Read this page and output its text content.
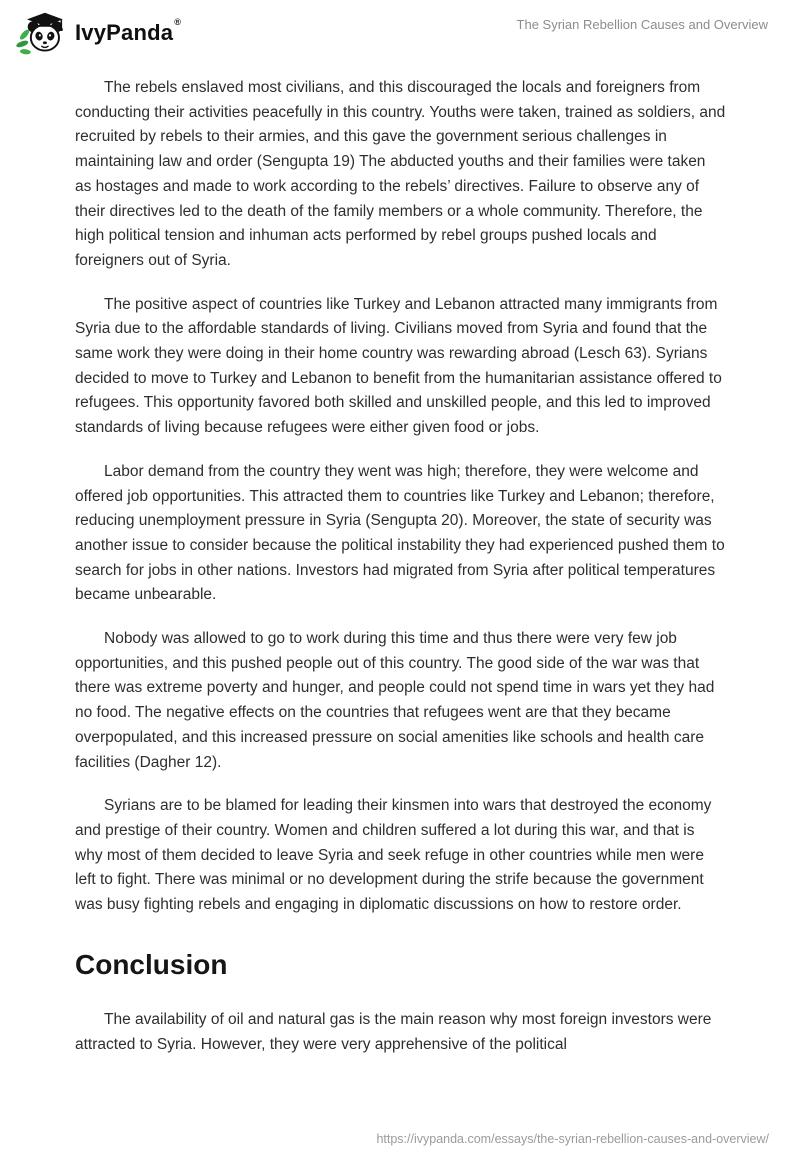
IvyPanda®	The Syrian Rebellion Causes and Overview

The rebels enslaved most civilians, and this discouraged the locals and foreigners from conducting their activities peacefully in this country. Youths were taken, trained as soldiers, and recruited by rebels to their armies, and this gave the government serious challenges in maintaining law and order (Sengupta 19) The abducted youths and their families were taken as hostages and made to work according to the rebels’ directives. Failure to observe any of their directives led to the death of the family members or a whole community. Therefore, the high political tension and inhuman acts performed by rebel groups pushed locals and foreigners out of Syria.

The positive aspect of countries like Turkey and Lebanon attracted many immigrants from Syria due to the affordable standards of living. Civilians moved from Syria and found that the same work they were doing in their home country was rewarding abroad (Lesch 63). Syrians decided to move to Turkey and Lebanon to benefit from the humanitarian assistance offered to refugees. This opportunity favored both skilled and unskilled people, and this led to improved standards of living because refugees were either given food or jobs.

Labor demand from the country they went was high; therefore, they were welcome and offered job opportunities. This attracted them to countries like Turkey and Lebanon; therefore, reducing unemployment pressure in Syria (Sengupta 20). Moreover, the state of security was another issue to consider because the political instability they had experienced pushed them to search for jobs in other nations. Investors had migrated from Syria after political temperatures became unbearable.

Nobody was allowed to go to work during this time and thus there were very few job opportunities, and this pushed people out of this country. The good side of the war was that there was extreme poverty and hunger, and people could not spend time in wars yet they had no food. The negative effects on the countries that refugees went are that they became overpopulated, and this increased pressure on social amenities like schools and health care facilities (Dagher 12).

Syrians are to be blamed for leading their kinsmen into wars that destroyed the economy and prestige of their country. Women and children suffered a lot during this war, and that is why most of them decided to leave Syria and seek refuge in other countries while men were left to fight. There was minimal or no development during the strife because the government was busy fighting rebels and engaging in diplomatic discussions on how to restore order.

Conclusion

The availability of oil and natural gas is the main reason why most foreign investors were attracted to Syria. However, they were very apprehensive of the political

https://ivypanda.com/essays/the-syrian-rebellion-causes-and-overview/
